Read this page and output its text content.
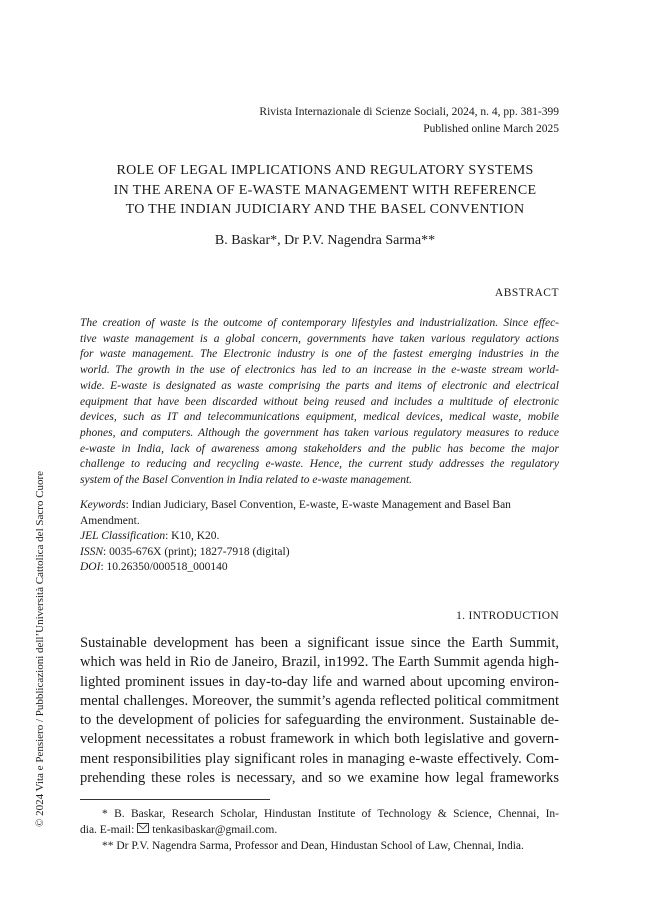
Rivista Internazionale di Scienze Sociali, 2024, n. 4, pp. 381-399
Published online March 2025
ROLE OF LEGAL IMPLICATIONS AND REGULATORY SYSTEMS
IN THE ARENA OF E-WASTE MANAGEMENT WITH REFERENCE
TO THE INDIAN JUDICIARY AND THE BASEL CONVENTION
B. Baskar*, Dr P.V. Nagendra Sarma**
ABSTRACT
The creation of waste is the outcome of contemporary lifestyles and industrialization. Since effec-
tive waste management is a global concern, governments have taken various regulatory actions
for waste management. The Electronic industry is one of the fastest emerging industries in the
world. The growth in the use of electronics has led to an increase in the e-waste stream world-
wide. E-waste is designated as waste comprising the parts and items of electronic and electrical
equipment that have been discarded without being reused and includes a multitude of electronic
devices, such as IT and telecommunications equipment, medical devices, medical waste, mobile
phones, and computers. Although the government has taken various regulatory measures to reduce
e-waste in India, lack of awareness among stakeholders and the public has become the major
challenge to reducing and recycling e-waste. Hence, the current study addresses the regulatory
system of the Basel Convention in India related to e-waste management.
Keywords: Indian Judiciary, Basel Convention, E-waste, E-waste Management and Basel Ban
Amendment.
JEL Classification: K10, K20.
ISSN: 0035-676X (print); 1827-7918 (digital)
DOI: 10.26350/000518_000140
1. INTRODUCTION
Sustainable development has been a significant issue since the Earth Summit,
which was held in Rio de Janeiro, Brazil, in1992. The Earth Summit agenda high-
lighted prominent issues in day-to-day life and warned about upcoming environ-
mental challenges. Moreover, the summit’s agenda reflected political commitment
to the development of policies for safeguarding the environment. Sustainable de-
velopment necessitates a robust framework in which both legislative and govern-
ment responsibilities play significant roles in managing e-waste effectively. Com-
prehending these roles is necessary, and so we examine how legal frameworks
* B. Baskar, Research Scholar, Hindustan Institute of Technology & Science, Chennai, In-
dia. E-mail: tenkasibaskar@gmail.com.
** Dr P.V. Nagendra Sarma, Professor and Dean, Hindustan School of Law, Chennai, India.
© 2024 Vita e Pensiero / Pubblicazioni dell’Università Cattolica del Sacro Cuore
